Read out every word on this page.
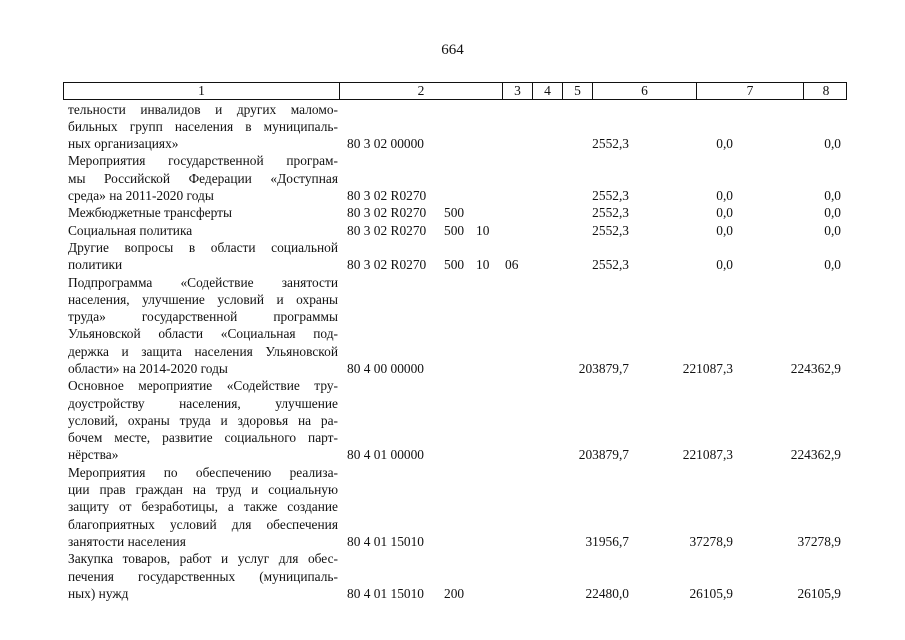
664
1	2	3	4	5	6	7	8
тельности инвалидов и других маломо-
бильных групп населения в муниципаль-
ных организациях»	80 3 02 00000	2552,3	0,0	0,0
Мероприятия государственной програм-
мы Российской Федерации «Доступная
среда» на 2011-2020 годы	80 3 02 R0270	2552,3	0,0	0,0
Межбюджетные трансферты	80 3 02 R0270 500	2552,3	0,0	0,0
Социальная политика	80 3 02 R0270 500 10	2552,3	0,0	0,0
Другие вопросы в области социальной
политики	80 3 02 R0270 500 10 06	2552,3	0,0	0,0
Подпрограмма «Содействие занятости
населения, улучшение условий и охраны
труда» государственной программы
Ульяновской области «Социальная под-
держка и защита населения Ульяновской
области» на 2014-2020 годы	80 4 00 00000	203879,7	221087,3	224362,9
Основное мероприятие «Содействие тру-
доустройству населения, улучшение
условий, охраны труда и здоровья на ра-
бочем месте, развитие социального парт-
нёрства»	80 4 01 00000	203879,7	221087,3	224362,9
Мероприятия по обеспечению реализа-
ции прав граждан на труд и социальную
защиту от безработицы, а также создание
благоприятных условий для обеспечения
занятости населения	80 4 01 15010	31956,7	37278,9	37278,9
Закупка товаров, работ и услуг для обес-
печения государственных (муниципаль-
ных) нужд	80 4 01 15010 200	22480,0	26105,9	26105,9
